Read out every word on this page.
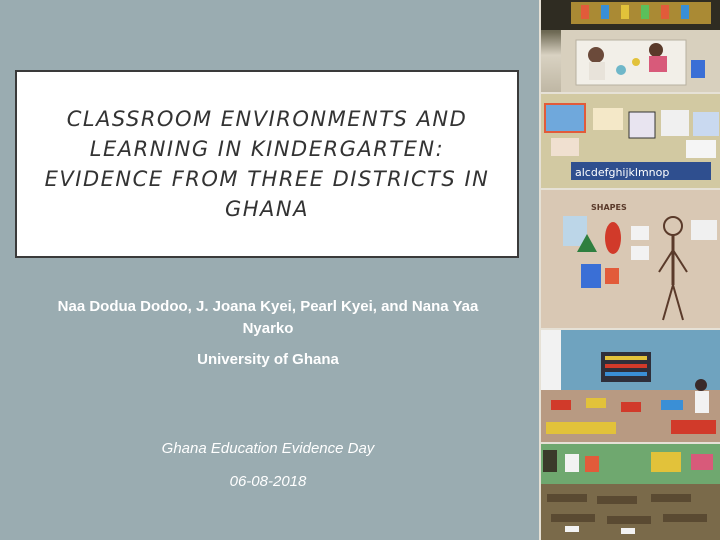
CLASSROOM ENVIRONMENTS AND LEARNING IN KINDERGARTEN: EVIDENCE FROM THREE DISTRICTS IN GHANA
Naa Dodua Dodoo, J. Joana Kyei, Pearl Kyei, and Nana Yaa Nyarko
University of Ghana
Ghana Education Evidence Day
06-08-2018
alcdefghijklmnop
SHAPES
